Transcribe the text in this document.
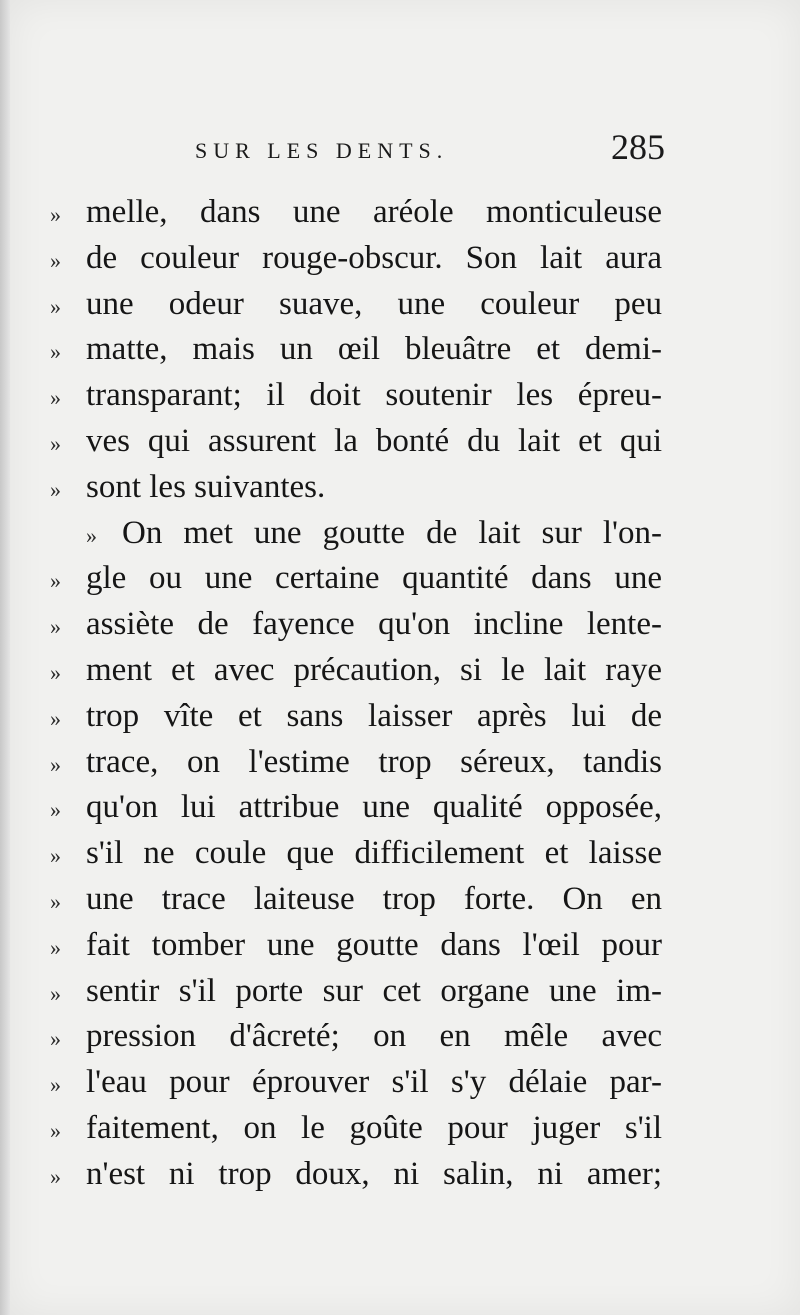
SUR LES DENTS.	285
» melle, dans une aréole monticuleuse
» de couleur rouge-obscur. Son lait aura
» une odeur suave, une couleur peu
» matte, mais un œil bleuâtre et demi-
» transparant; il doit soutenir les épreu-
» ves qui assurent la bonté du lait et qui
» sont les suivantes.
» On met une goutte de lait sur l'on-
» gle ou une certaine quantité dans une
» assiète de fayence qu'on incline lente-
» ment et avec précaution, si le lait raye
» trop vîte et sans laisser après lui de
» trace, on l'estime trop séreux, tandis
» qu'on lui attribue une qualité opposée,
» s'il ne coule que difficilement et laisse
» une trace laiteuse trop forte. On en
» fait tomber une goutte dans l'œil pour
» sentir s'il porte sur cet organe une im-
» pression d'âcreté; on en mêle avec
» l'eau pour éprouver s'il s'y délaie par-
» faitement, on le goûte pour juger s'il
» n'est ni trop doux, ni salin, ni amer;
